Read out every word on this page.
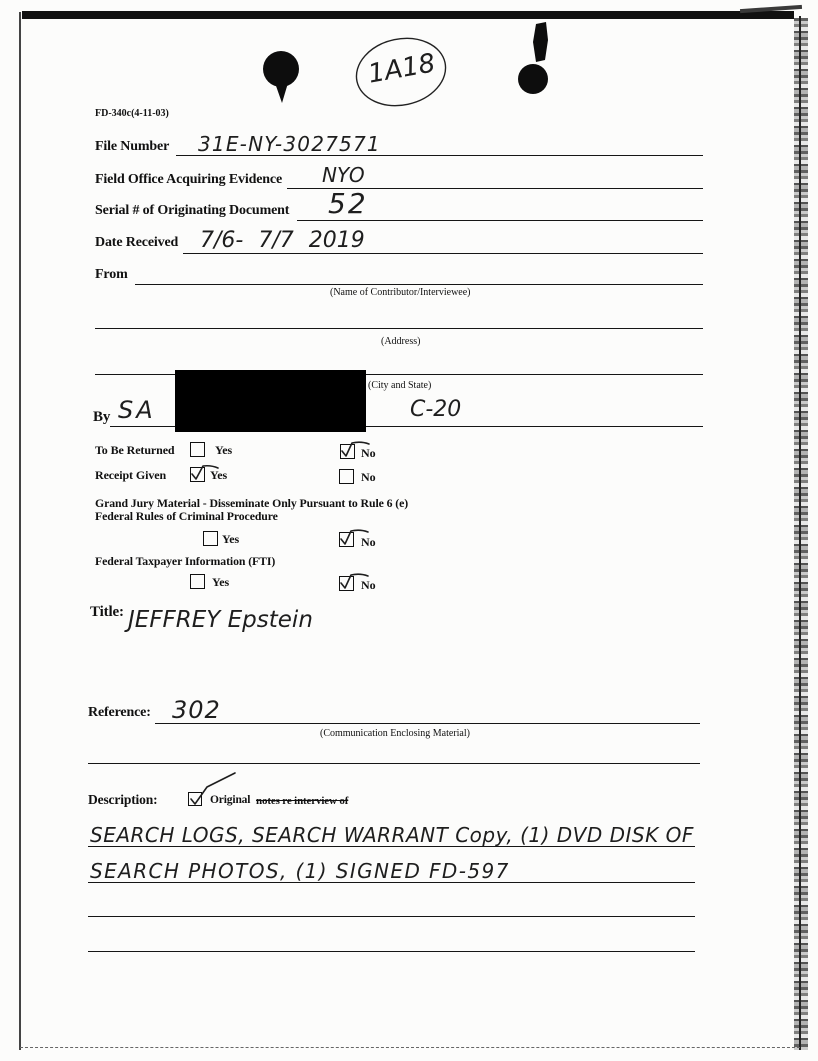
1A18
FD-340c(4-11-03)
File Number 31E-NY-3027571
Field Office Acquiring Evidence NYO
Serial # of Originating Document 52
Date Received 7/6- 7/7 2019
From
(Name of Contributor/Interviewee)
(Address)
(City and State)
By SA	C-20
To Be Returned	Yes	No
Receipt Given	Yes	No
Grand Jury Material - Disseminate Only Pursuant to Rule 6 (e)
Federal Rules of Criminal Procedure
Yes	No
Federal Taxpayer Information (FTI)
Yes	No
Title: JEFFREY Epstein
Reference: 302
(Communication Enclosing Material)
Description:	Original notes re interview of
SEARCH LOGS, SEARCH WARRANT Copy, (1) DVD DISK OF
SEARCH PHOTOS, (1) SIGNED FD-597
